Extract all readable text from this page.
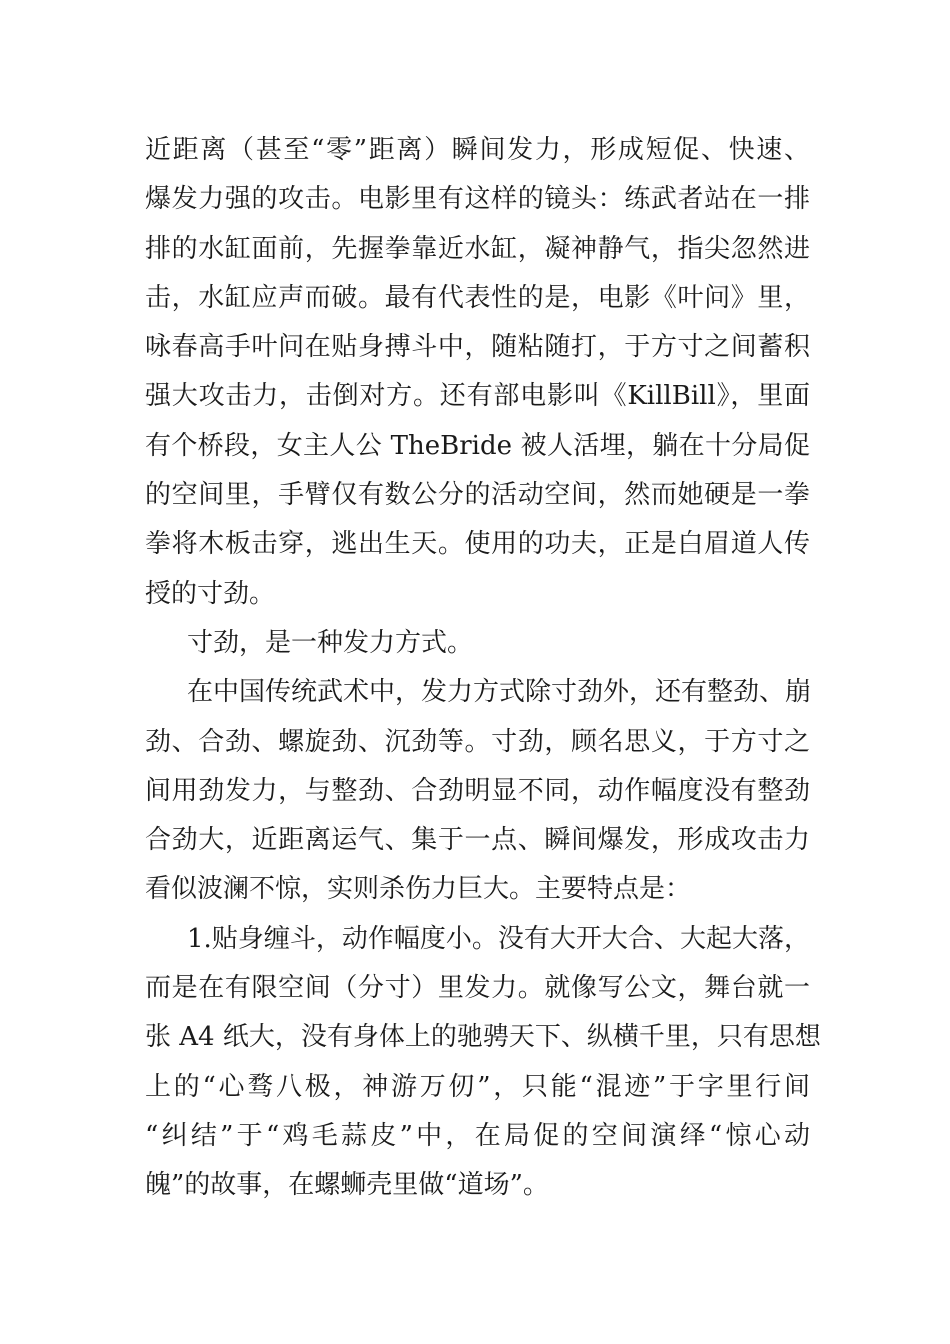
近距离（甚至“零”距离）瞬间发力，形成短促、快速、
爆发力强的攻击。电影里有这样的镜头：练武者站在一排
排的水缸面前，先握拳靠近水缸，凝神静气，指尖忽然进
击，水缸应声而破。最有代表性的是，电影《叶问》里，
咏春高手叶问在贴身搏斗中，随粘随打，于方寸之间蓄积
强大攻击力，击倒对方。还有部电影叫《KillBill》，里面
有个桥段，女主人公 TheBride 被人活埋，躺在十分局促
的空间里，手臂仅有数公分的活动空间，然而她硬是一拳
拳将木板击穿，逃出生天。使用的功夫，正是白眉道人传
授的寸劲。
寸劲，是一种发力方式。
在中国传统武术中，发力方式除寸劲外，还有整劲、崩
劲、合劲、螺旋劲、沉劲等。寸劲，顾名思义，于方寸之
间用劲发力，与整劲、合劲明显不同，动作幅度没有整劲
合劲大，近距离运气、集于一点、瞬间爆发，形成攻击力
看似波澜不惊，实则杀伤力巨大。主要特点是：
1.贴身缠斗，动作幅度小。没有大开大合、大起大落，
而是在有限空间（分寸）里发力。就像写公文，舞台就一
张 A4 纸大，没有身体上的驰骋天下、纵横千里，只有思想
上的“心骛八极，神游万仞”，只能“混迹”于字里行间
“纠结”于“鸡毛蒜皮”中，在局促的空间演绎“惊心动
魄”的故事，在螺蛳壳里做“道场”。
